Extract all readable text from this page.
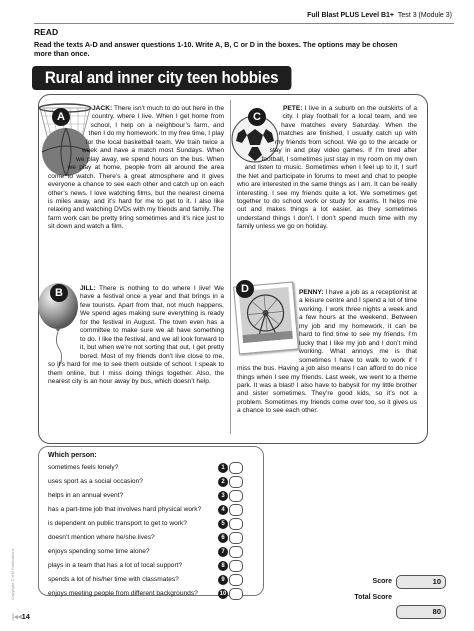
Full Blast PLUS Level B1+ Test 3 (Module 3)
READ
Read the texts A-D and answer questions 1-10. Write A, B, C or D in the boxes. The options may be chosen more than once.
Rural and inner city teen hobbies
A
JACK: There isn’t much to do out here in the country, where I live. When I get home from school, I help on a neighbour’s farm, and then I do my homework. In my free time, I play for the local basketball team. We train twice a week and have a match most Sundays. When we play away, we spend hours on the bus. When we play at home, people from all around the area come to watch. There’s a great atmosphere and it gives everyone a chance to see each other and catch up on each other’s news. I love watching films, but the nearest cinema is miles away, and it’s hard for me to get to it. I also like relaxing and watching DVDs with my friends and family. The farm work can be pretty tiring sometimes and it’s nice just to sit down and watch a film.
C
PETE: I live in a suburb on the outskirts of a city. I play football for a local team, and we have matches every Saturday. When the matches are finished, I usually catch up with my friends from school. We go to the arcade or stay in and play video games. If I’m tired after football, I sometimes just stay in my room on my own and listen to music. Sometimes when I feel up to it, I surf the Net and participate in forums to meet and chat to people who are interested in the same things as I am. It can be really interesting. I see my friends quite a lot. We sometimes get together to do school work or study for exams. It helps me out and makes things a lot easier, as they sometimes understand things I don’t. I don’t spend much time with my family unless we go on holiday.
B	JILL: There is nothing to do where I live! We have a festival once a year and that brings in a few tourists. Apart from that, not much happens. We spend ages making sure everything is ready for the festival in August. The town even has a committee to make sure we all have something to do. I like the festival, and we all look forward to it, but when we’re not sorting that out, I get pretty bored. Most of my friends don’t live close to me, so it’s hard for me to see them outside of school. I speak to them online, but I miss doing things together. Also, the nearest city is an hour away by bus, which doesn’t help.
D	PENNY: I have a job as a receptionist at a leisure centre and I spend a lot of time working. I work three nights a week and a few hours at the weekend. Between my job and my homework, it can be hard to find time to see my friends. I’m lucky that I like my job and I don’t mind working. What annoys me is that sometimes I have to walk to work if I miss the bus. Having a job also means I can afford to do nice things when I see my friends. Last week, we went to a theme park. It was a blast! I also have to babysit for my little brother and sister sometimes. They’re good kids, so it’s not a problem. Sometimes my friends come over too, so it gives us a chance to see each other.
Which person:
sometimes feels lonely?	1
uses sport as a social occasion?	2
helps in an annual event?	3
has a part-time job that involves hard physical work?	4
is dependent on public transport to get to work?	5
doesn’t mention where he/she lives?	6
enjoys spending some time alone?	7
plays in a team that has a lot of local support?	8
spends a lot of his/her time with classmates?	9
enjoys meeting people from different backgrounds?	10
Score	10
Total Score
80
Copyright © MM Publications
|◂◂14
